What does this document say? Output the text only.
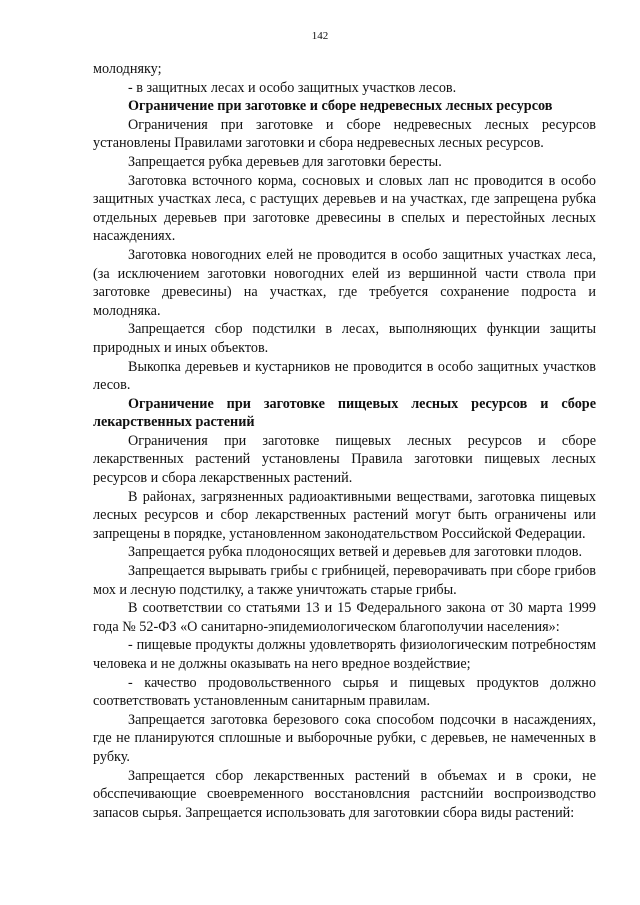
142

молодняку;

- в защитных лесах и особо защитных участков лесов.

Ограничение при заготовке и сборе недревесных лесных ресурсов

Ограничения при заготовке и сборе недревесных лесных ресурсов установлены Правилами заготовки и сбора недревесных лесных ресурсов.

Запрещается рубка деревьев для заготовки бересты.

Заготовка всточного корма, сосновых и словых лап нс проводится в особо защитных участках леса, с растущих деревьев и на участках, где запрещена рубка отдельных деревьев при заготовке древесины в спелых и перестойных лесных насаждениях.

Заготовка новогодних елей не проводится в особо защитных участках леса, (за исключением заготовки новогодних елей из вершинной части ствола при заготовке древесины) на участках, где требуется сохранение подроста и молодняка.

Запрещается сбор подстилки в лесах, выполняющих функции защиты природных и иных объектов.

Выкопка деревьев и кустарников не проводится в особо защитных участков лесов.

Ограничение при заготовке пищевых лесных ресурсов и сборе лекарственных растений

Ограничения при заготовке пищевых лесных ресурсов и сборе лекарственных растений установлены Правила заготовки пищевых лесных ресурсов и сбора лекарственных растений.

В районах, загрязненных радиоактивными веществами, заготовка пищевых лесных ресурсов и сбор лекарственных растений могут быть ограничены или запрещены в порядке, установленном законодательством Российской Федерации.

Запрещается рубка плодоносящих ветвей и деревьев для заготовки плодов.

Запрещается вырывать грибы с грибницей, переворачивать при сборе грибов мох и лесную подстилку, а также уничтожать старые грибы.

В соответствии со статьями 13 и 15 Федерального закона от 30 марта 1999 года № 52-ФЗ «О санитарно-эпидемиологическом благополучии населения»:

- пищевые продукты должны удовлетворять физиологическим потребностям человека и не должны оказывать на него вредное воздействие;

- качество продовольственного сырья и пищевых продуктов должно соответствовать установленным санитарным правилам.

Запрещается заготовка березового сока способом подсочки в насаждениях, где не планируются сплошные и выборочные рубки, с деревьев, не намеченных в рубку.

Запрещается сбор лекарственных растений в объемах и в сроки, не обсспечивающие своевременного восстановлсния растснийи воспроизводство запасов сырья. Запрещается использовать для заготовкии сбора виды растений:
